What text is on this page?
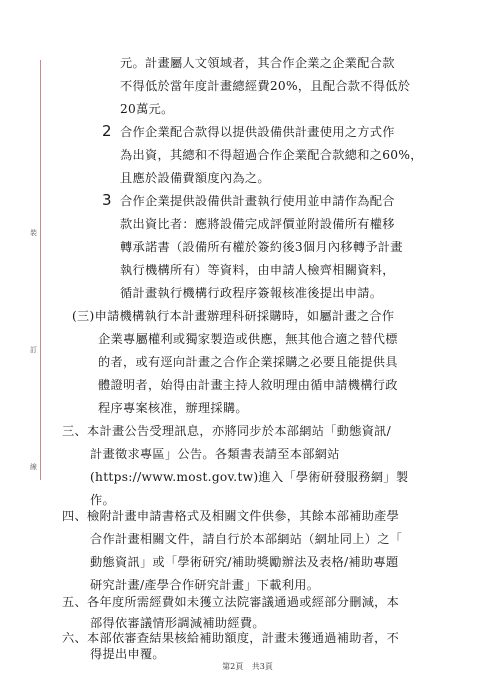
裝
訂
線
元。計畫屬人文領域者，其合作企業之企業配合款
不得低於當年度計畫總經費20%，且配合款不得低於
20萬元。
2 合作企業配合款得以提供設備供計畫使用之方式作
為出資，其總和不得超過合作企業配合款總和之60%，
且應於設備費額度內為之。
3 合作企業提供設備供計畫執行使用並申請作為配合
款出資比者：應將設備完成評價並附設備所有權移
轉承諾書（設備所有權於簽約後3個月內移轉予計畫
執行機構所有）等資料，由申請人檢齊相關資料，
循計畫執行機構行政程序簽報核准後提出申請。
(三)申請機構執行本計畫辦理科研採購時，如屬計畫之合作
企業專屬權利或獨家製造或供應，無其他合適之替代標
的者，或有逕向計畫之合作企業採購之必要且能提供具
體證明者，始得由計畫主持人敘明理由循申請機構行政
程序專案核准，辦理採購。
三、本計畫公告受理訊息，亦將同步於本部網站「動態資訊/
計畫徵求專區」公告。各類書表請至本部網站
(https://www.most.gov.tw)進入「學術研發服務網」製
作。
四、檢附計畫申請書格式及相關文件供參，其餘本部補助產學
合作計畫相關文件，請自行於本部網站（網址同上）之「
動態資訊」或「學術研究/補助獎勵辦法及表格/補助專題
研究計畫/產學合作研究計畫」下載利用。
五、各年度所需經費如未獲立法院審議通過或經部分刪減，本
部得依審議情形調減補助經費。
六、本部依審查結果核給補助額度，計畫未獲通過補助者，不
得提出申覆。
第2頁 共3頁
